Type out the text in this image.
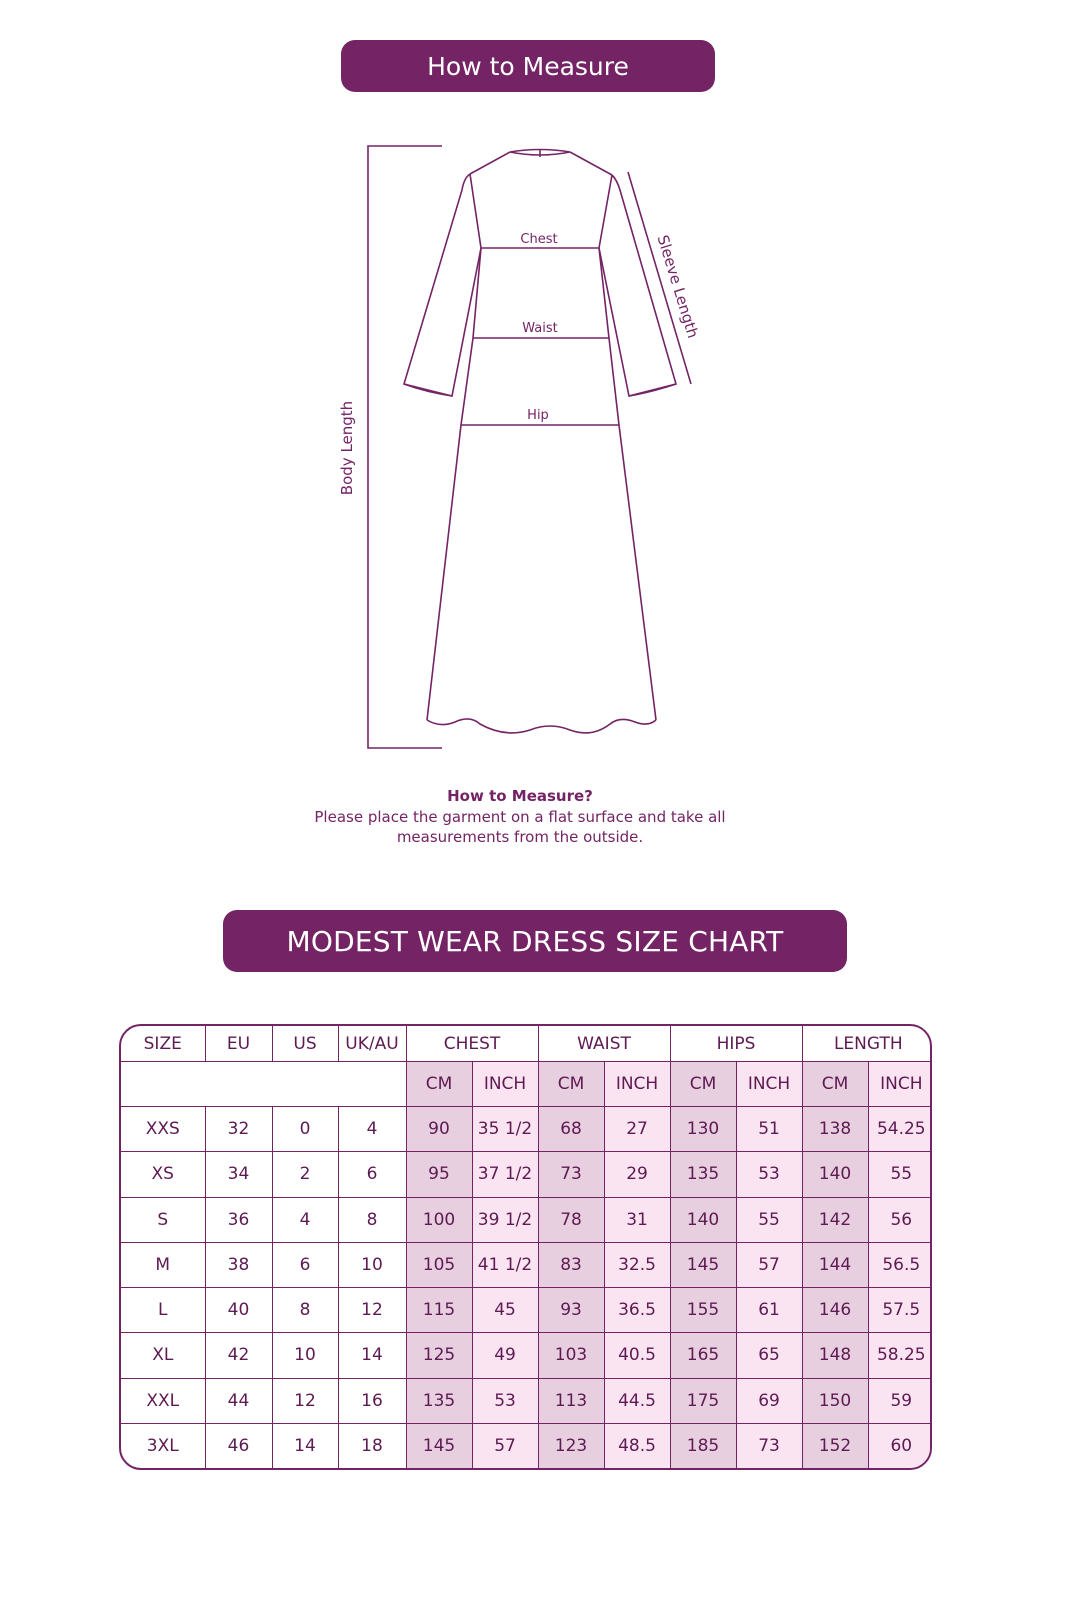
How to Measure
Chest
Waist
Hip
Body Length
Sleeve Length
How to Measure?
Please place the garment on a flat surface and take all
measurements from the outside.
MODEST WEAR DRESS SIZE CHART
SIZE	EU	US	UK/AU	CHEST		WAIST		HIPS		LENGTH	
				CM	INCH	CM	INCH	CM	INCH	CM	INCH
XXS	32	0	4	90	35 1/2	68	27	130	51	138	54.25
XS	34	2	6	95	37 1/2	73	29	135	53	140	55
S	36	4	8	100	39 1/2	78	31	140	55	142	56
M	38	6	10	105	41 1/2	83	32.5	145	57	144	56.5
L	40	8	12	115	45	93	36.5	155	61	146	57.5
XL	42	10	14	125	49	103	40.5	165	65	148	58.25
XXL	44	12	16	135	53	113	44.5	175	69	150	59
3XL	46	14	18	145	57	123	48.5	185	73	152	60
